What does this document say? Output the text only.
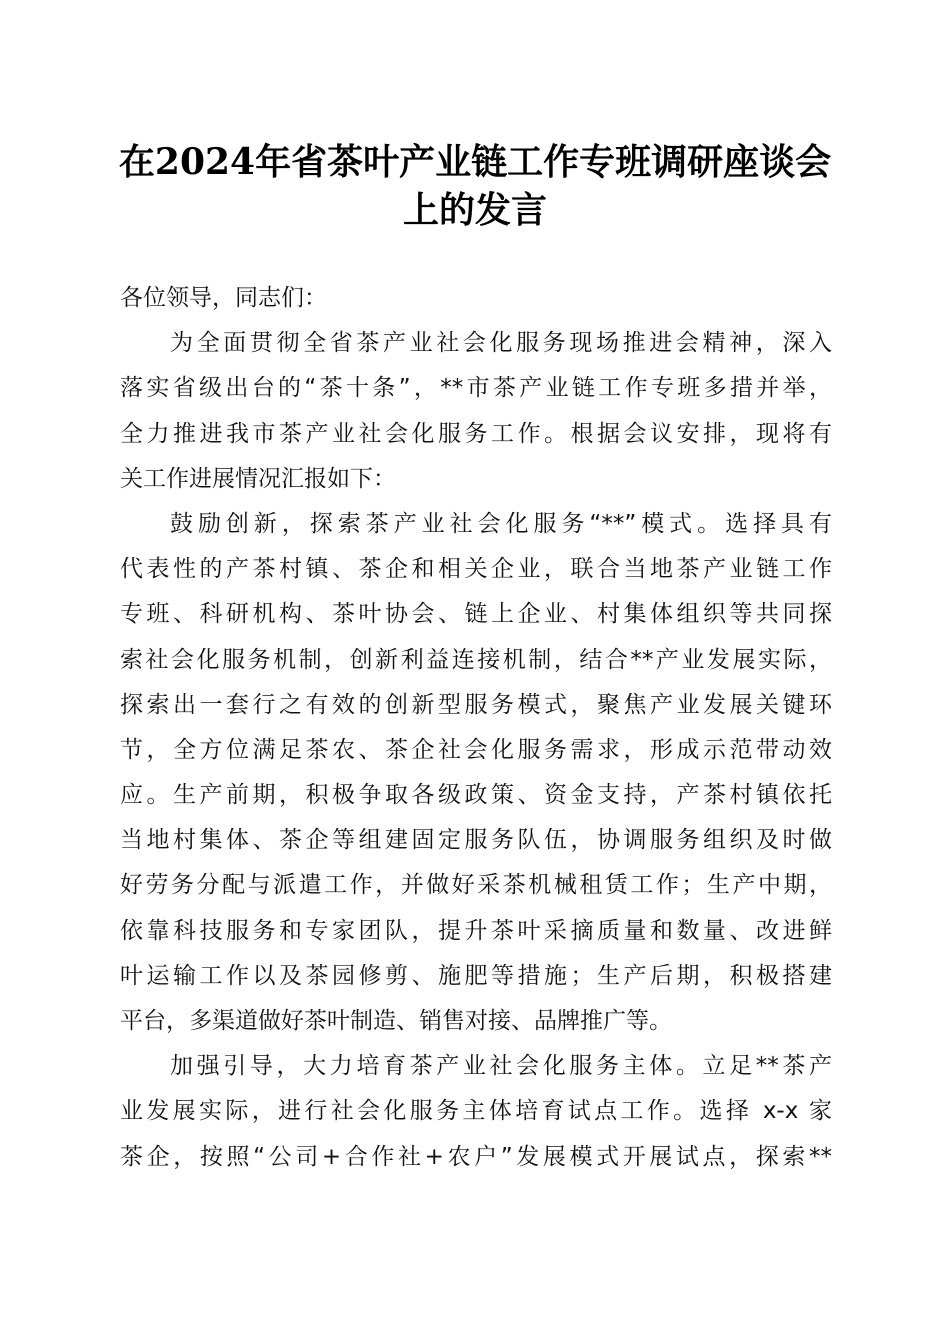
在2024年省茶叶产业链工作专班调研座谈会
上的发言
各位领导，同志们：
为全面贯彻全省茶产业社会化服务现场推进会精神，深入
落实省级出台的“茶十条”，**市茶产业链工作专班多措并举，
全力推进我市茶产业社会化服务工作。根据会议安排，现将有
关工作进展情况汇报如下：
鼓励创新，探索茶产业社会化服务“**”模式。选择具有
代表性的产茶村镇、茶企和相关企业，联合当地茶产业链工作
专班、科研机构、茶叶协会、链上企业、村集体组织等共同探
索社会化服务机制，创新利益连接机制，结合**产业发展实际，
探索出一套行之有效的创新型服务模式，聚焦产业发展关键环
节，全方位满足茶农、茶企社会化服务需求，形成示范带动效
应。生产前期，积极争取各级政策、资金支持，产茶村镇依托
当地村集体、茶企等组建固定服务队伍，协调服务组织及时做
好劳务分配与派遣工作，并做好采茶机械租赁工作；生产中期，
依靠科技服务和专家团队，提升茶叶采摘质量和数量、改进鲜
叶运输工作以及茶园修剪、施肥等措施；生产后期，积极搭建
平台，多渠道做好茶叶制造、销售对接、品牌推广等。
加强引导，大力培育茶产业社会化服务主体。立足**茶产
业发展实际，进行社会化服务主体培育试点工作。选择 x-x 家
茶企，按照“公司+合作社+农户”发展模式开展试点，探索**
